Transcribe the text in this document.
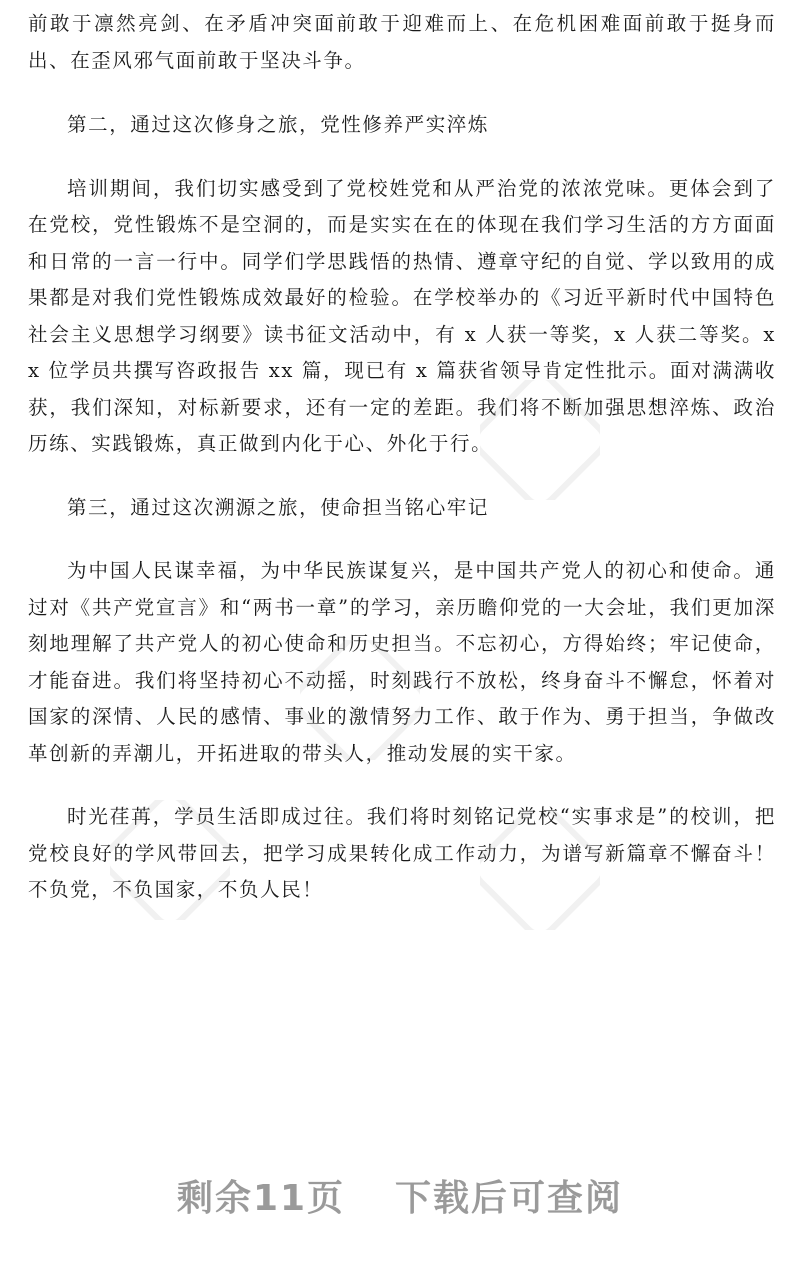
前敢于凛然亮剑、在矛盾冲突面前敢于迎难而上、在危机困难面前敢于挺身而出、在歪风邪气面前敢于坚决斗争。

第二，通过这次修身之旅，党性修养严实淬炼

培训期间，我们切实感受到了党校姓党和从严治党的浓浓党味。更体会到了在党校，党性锻炼不是空洞的，而是实实在在的体现在我们学习生活的方方面面和日常的一言一行中。同学们学思践悟的热情、遵章守纪的自觉、学以致用的成果都是对我们党性锻炼成效最好的检验。在学校举办的《习近平新时代中国特色社会主义思想学习纲要》读书征文活动中，有 x 人获一等奖，x 人获二等奖。xx 位学员共撰写咨政报告 xx 篇，现已有 x 篇获省领导肯定性批示。面对满满收获，我们深知，对标新要求，还有一定的差距。我们将不断加强思想淬炼、政治历练、实践锻炼，真正做到内化于心、外化于行。

第三，通过这次溯源之旅，使命担当铭心牢记

为中国人民谋幸福，为中华民族谋复兴，是中国共产党人的初心和使命。通过对《共产党宣言》和“两书一章”的学习，亲历瞻仰党的一大会址，我们更加深刻地理解了共产党人的初心使命和历史担当。不忘初心，方得始终；牢记使命，才能奋进。我们将坚持初心不动摇，时刻践行不放松，终身奋斗不懈怠，怀着对国家的深情、人民的感情、事业的激情努力工作、敢于作为、勇于担当，争做改革创新的弄潮儿，开拓进取的带头人，推动发展的实干家。

时光荏苒，学员生活即成过往。我们将时刻铭记党校“实事求是”的校训，把党校良好的学风带回去，把学习成果转化成工作动力，为谱写新篇章不懈奋斗！不负党，不负国家，不负人民！

剩余11页 下载后可查阅
